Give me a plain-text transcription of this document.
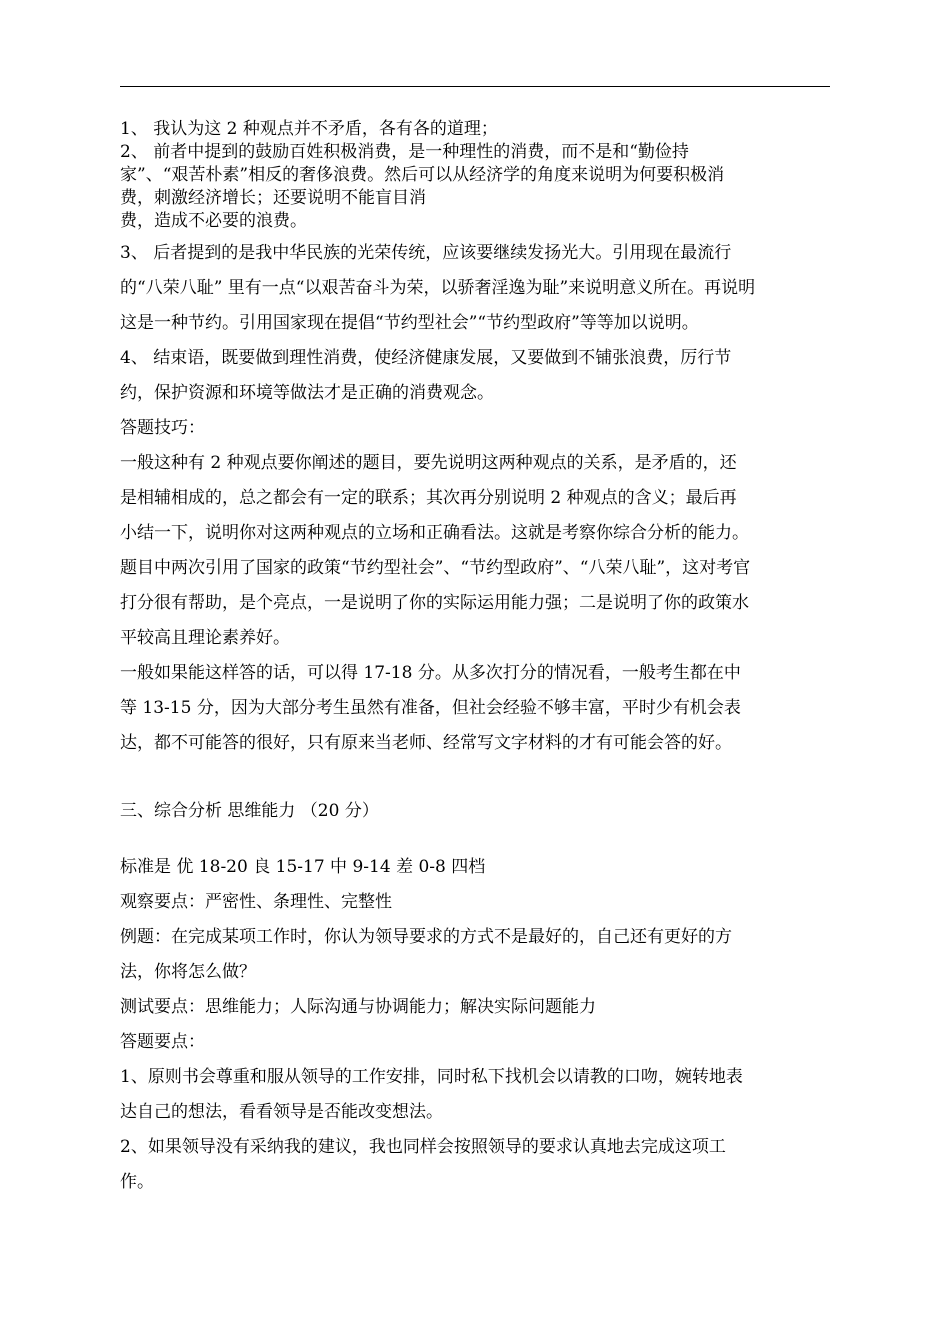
1、 我认为这 2 种观点并不矛盾，各有各的道理；

2、 前者中提到的鼓励百姓积极消费，是一种理性的消费，而不是和“勤俭持

家”、“艰苦朴素”相反的奢侈浪费。然后可以从经济学的角度来说明为何要积极消

费，刺激经济增长；还要说明不能盲目消

费，造成不必要的浪费。

3、 后者提到的是我中华民族的光荣传统，应该要继续发扬光大。引用现在最流行

的“八荣八耻” 里有一点“以艰苦奋斗为荣，以骄奢淫逸为耻”来说明意义所在。再说明

这是一种节约。引用国家现在提倡“节约型社会”“节约型政府”等等加以说明。

4、 结束语，既要做到理性消费，使经济健康发展，又要做到不铺张浪费，厉行节

约，保护资源和环境等做法才是正确的消费观念。

答题技巧：

一般这种有 2 种观点要你阐述的题目，要先说明这两种观点的关系，是矛盾的，还

是相辅相成的，总之都会有一定的联系；其次再分别说明 2 种观点的含义；最后再

小结一下，说明你对这两种观点的立场和正确看法。这就是考察你综合分析的能力。

题目中两次引用了国家的政策“节约型社会”、“节约型政府”、“八荣八耻”，这对考官

打分很有帮助，是个亮点，一是说明了你的实际运用能力强；二是说明了你的政策水

平较高且理论素养好。

一般如果能这样答的话，可以得 17-18 分。从多次打分的情况看，一般考生都在中

等 13-15 分，因为大部分考生虽然有准备，但社会经验不够丰富，平时少有机会表

达，都不可能答的很好，只有原来当老师、经常写文字材料的才有可能会答的好。

三、综合分析 思维能力 （20 分）

标准是 优 18-20 良 15-17 中 9-14 差 0-8 四档

观察要点：严密性、条理性、完整性

例题：在完成某项工作时，你认为领导要求的方式不是最好的，自己还有更好的方

法，你将怎么做？

测试要点：思维能力；人际沟通与协调能力；解决实际问题能力

答题要点：

1、原则书会尊重和服从领导的工作安排，同时私下找机会以请教的口吻，婉转地表

达自己的想法，看看领导是否能改变想法。

2、如果领导没有采纳我的建议，我也同样会按照领导的要求认真地去完成这项工

作。
